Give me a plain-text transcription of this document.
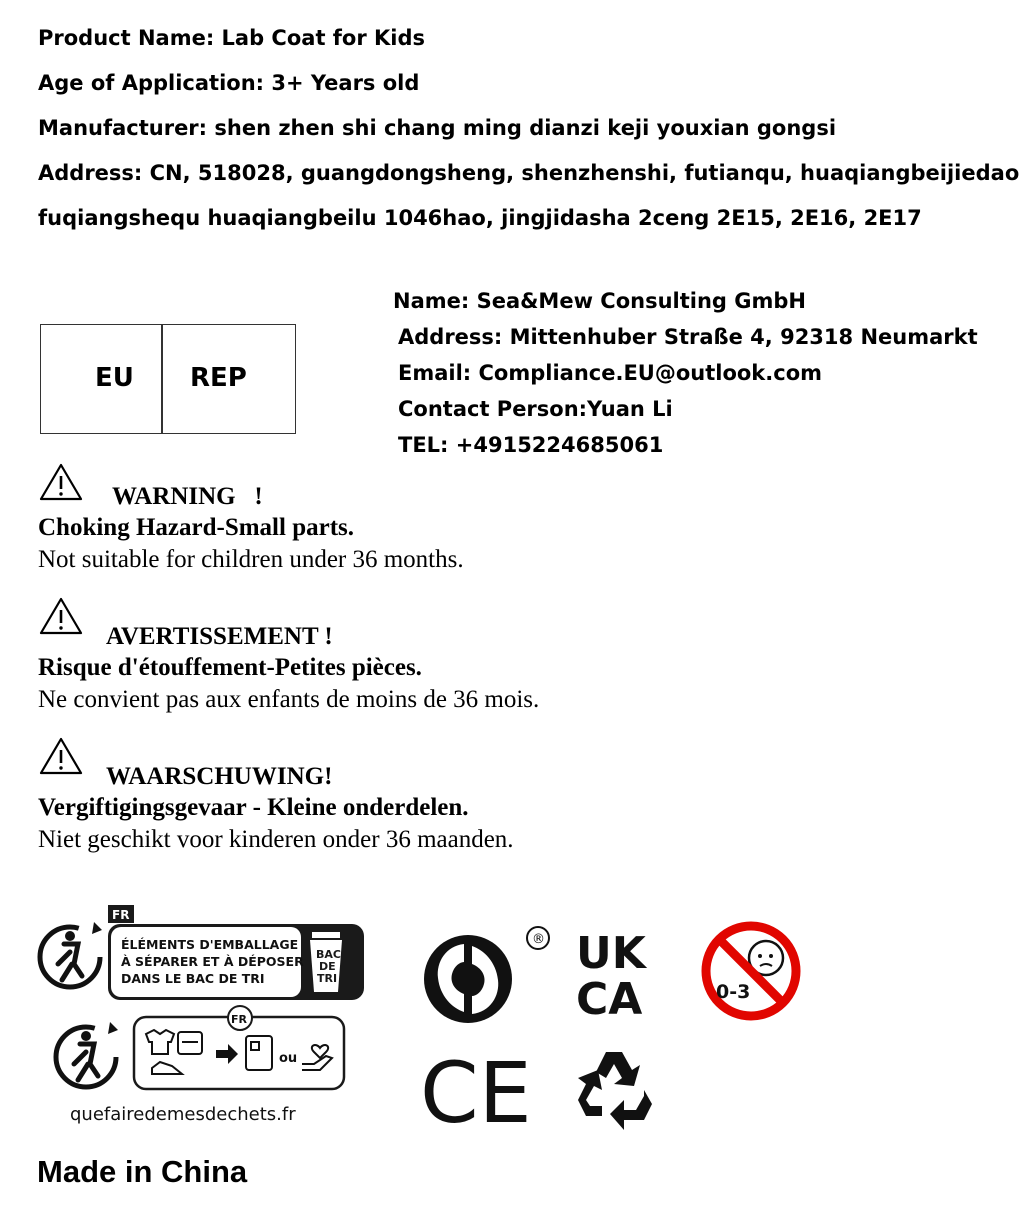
Product Name: Lab Coat for Kids
Age of Application: 3+ Years old
Manufacturer: shen zhen shi chang ming dianzi keji youxian gongsi
Address: CN, 518028, guangdongsheng, shenzhenshi, futianqu, huaqiangbeijiedao
fuqiangshequ huaqiangbeilu 1046hao, jingjidasha 2ceng 2E15, 2E16, 2E17
EU REP
Name: Sea&Mew Consulting GmbH
Address: Mittenhuber Straße 4, 92318 Neumarkt
Email: Compliance.EU@outlook.com
Contact Person:Yuan Li
TEL: +4915224685061
WARNING   !
Choking Hazard-Small parts.
Not suitable for children under 36 months.
AVERTISSEMENT !
Risque d'étouffement-Petites pièces.
Ne convient pas aux enfants de moins de 36 mois.
WAARSCHUWING!
Vergiftigingsgevaar - Kleine onderdelen.
Niet geschikt voor kinderen onder 36 maanden.
FR
ÉLÉMENTS D'EMBALLAGE
À SÉPARER ET À DÉPOSER
DANS LE BAC DE TRI
BAC
DE
TRI
FR
ou
quefairedemesdechets.fr
® UK
CA	0-3
CE
Made in China
